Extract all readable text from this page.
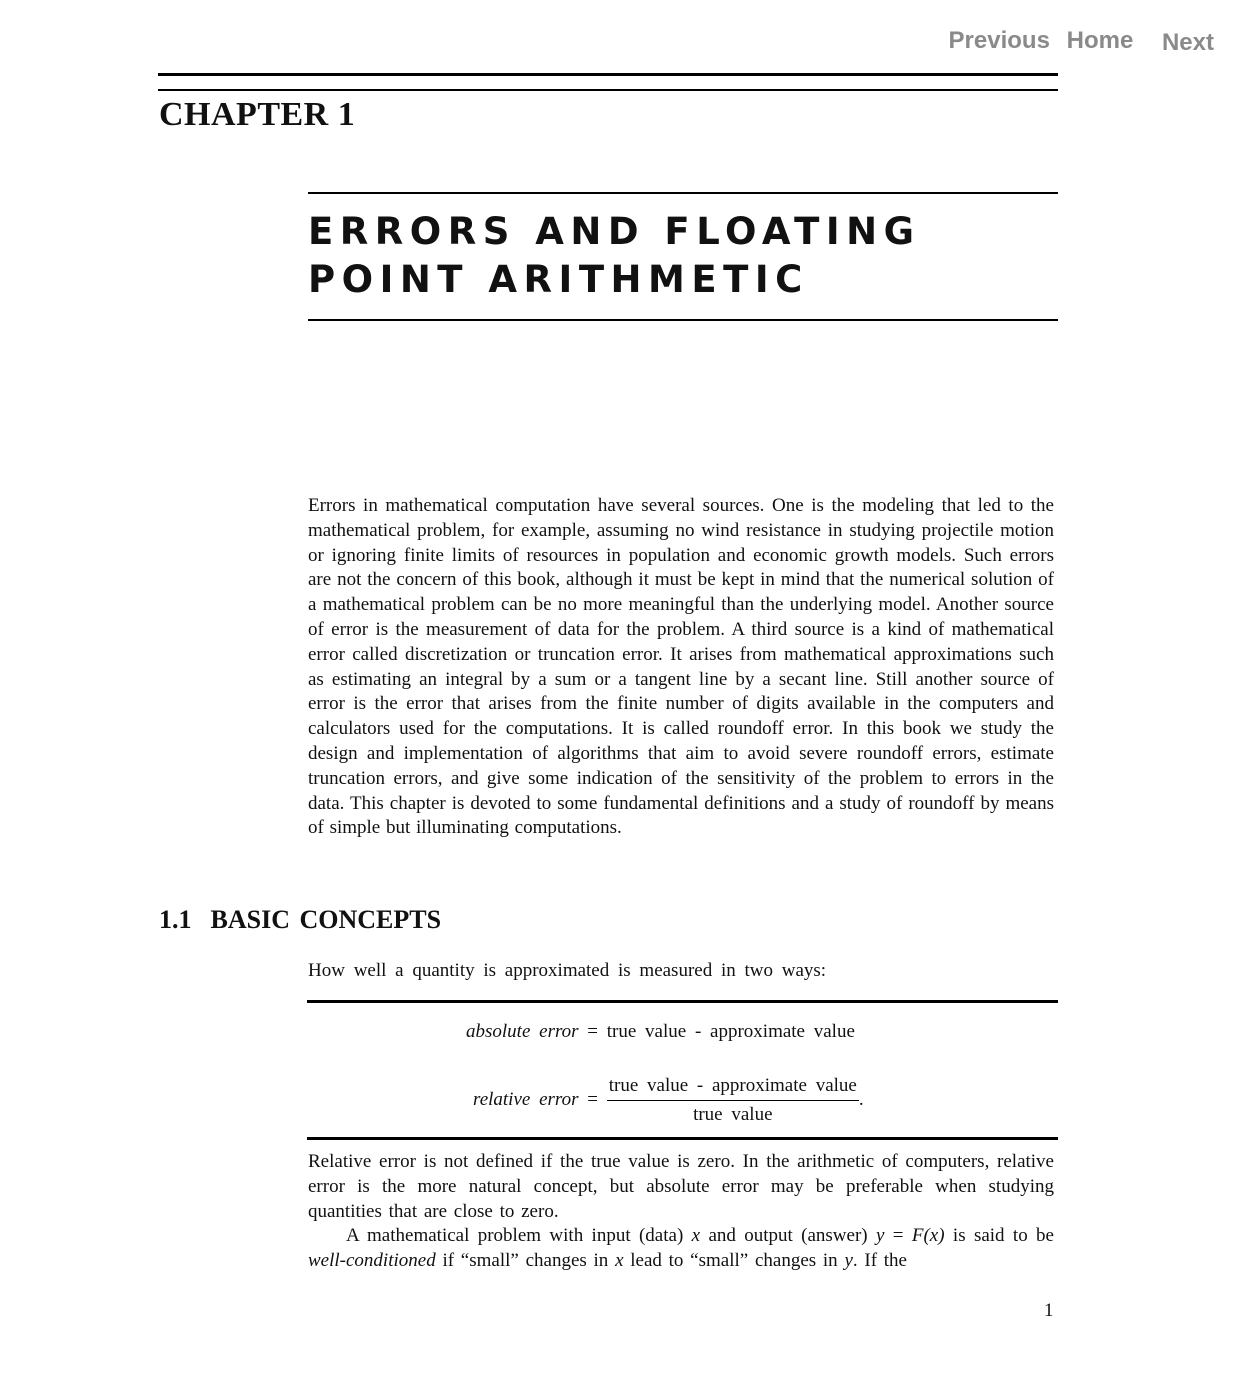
Previous Home Next
CHAPTER 1
ERRORS AND FLOATING POINT ARITHMETIC

Errors in mathematical computation have several sources. One is the modeling that led to the mathematical problem, for example, assuming no wind resistance in studying projectile motion or ignoring finite limits of resources in population and economic growth models. Such errors are not the concern of this book, although it must be kept in mind that the numerical solution of a mathematical problem can be no more meaningful than the underlying model. Another source of error is the measurement of data for the problem. A third source is a kind of mathematical error called discretization or truncation error. It arises from mathematical approximations such as estimating an integral by a sum or a tangent line by a secant line. Still another source of error is the error that arises from the finite number of digits available in the computers and calculators used for the computations. It is called roundoff error. In this book we study the design and implementation of algorithms that aim to avoid severe roundoff errors, estimate truncation errors, and give some indication of the sensitivity of the problem to errors in the data. This chapter is devoted to some fundamental definitions and a study of roundoff by means of simple but illuminating computations.

1.1 BASIC CONCEPTS

How well a quantity is approximated is measured in two ways:

absolute error = true value - approximate value
relative error = $\frac{\text{true value - approximate value}}{\text{true value}}$ .

Relative error is not defined if the true value is zero. In the arithmetic of computers, relative error is the more natural concept, but absolute error may be preferable when studying quantities that are close to zero.

A mathematical problem with input (data) x and output (answer) y = F(x) is said to be well-conditioned if “small” changes in x lead to “small” changes in y. If the

1
